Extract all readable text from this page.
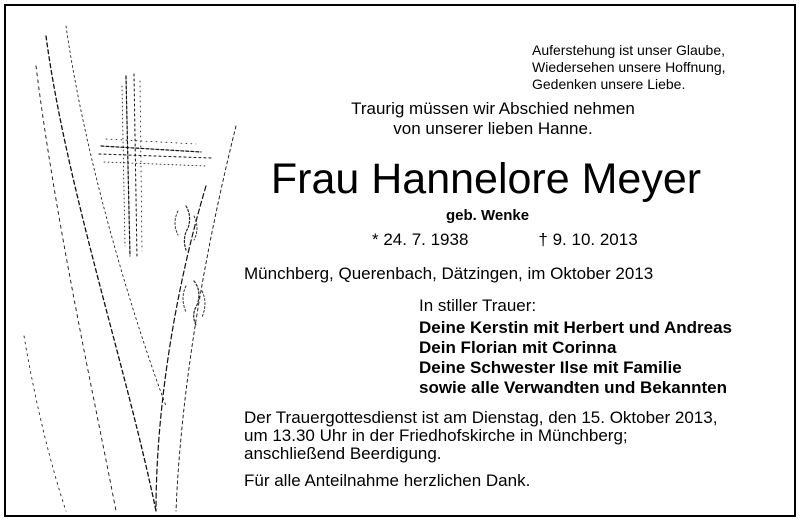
Auferstehung ist unser Glaube,
Wiedersehen unsere Hoffnung,
Gedenken unsere Liebe.
Traurig müssen wir Abschied nehmen
von unserer lieben Hanne.
Frau Hannelore Meyer
geb. Wenke
* 24. 7. 1938	† 9. 10. 2013
Münchberg, Querenbach, Dätzingen, im Oktober 2013
In stiller Trauer:
Deine Kerstin mit Herbert und Andreas
Dein Florian mit Corinna
Deine Schwester Ilse mit Familie
sowie alle Verwandten und Bekannten
Der Trauergottesdienst ist am Dienstag, den 15. Oktober 2013,
um 13.30 Uhr in der Friedhofskirche in Münchberg;
anschließend Beerdigung.
Für alle Anteilnahme herzlichen Dank.
